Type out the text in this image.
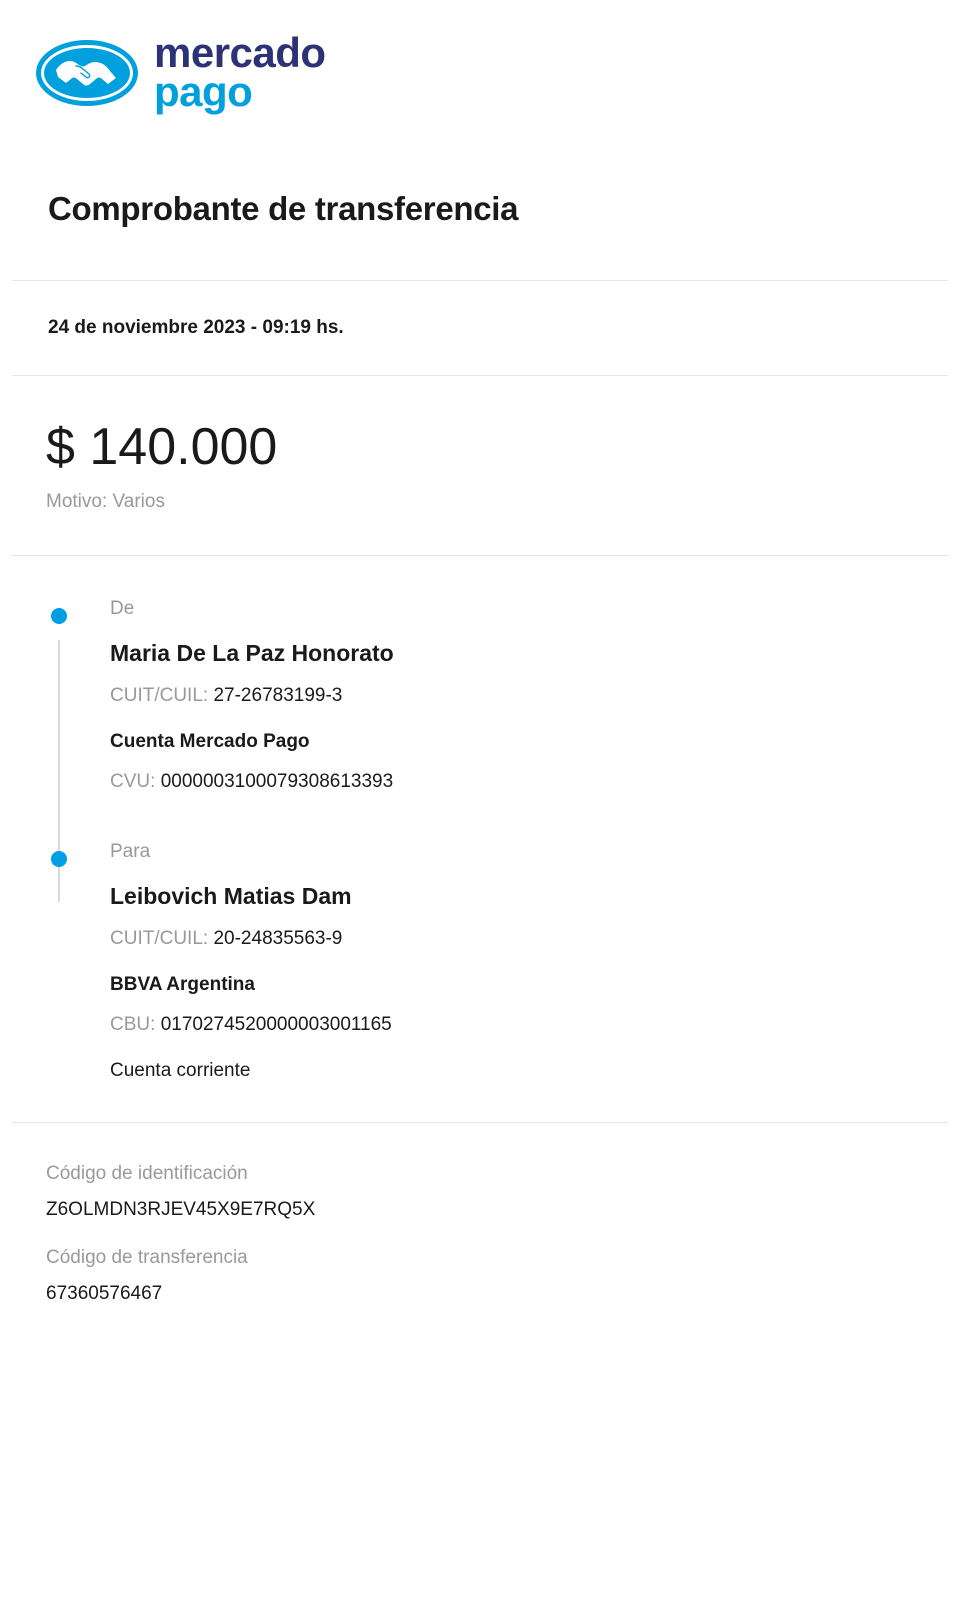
mercado
pago
Comprobante de transferencia
24 de noviembre 2023 - 09:19 hs.
$ 140.000
Motivo: Varios
De
Maria De La Paz Honorato
CUIT/CUIL: 27-26783199-3
Cuenta Mercado Pago
CVU: 0000003100079308613393
Para
Leibovich Matias Dam
CUIT/CUIL: 20-24835563-9
BBVA Argentina
CBU: 0170274520000003001165
Cuenta corriente
Código de identificación
Z6OLMDN3RJEV45X9E7RQ5X
Código de transferencia
67360576467
